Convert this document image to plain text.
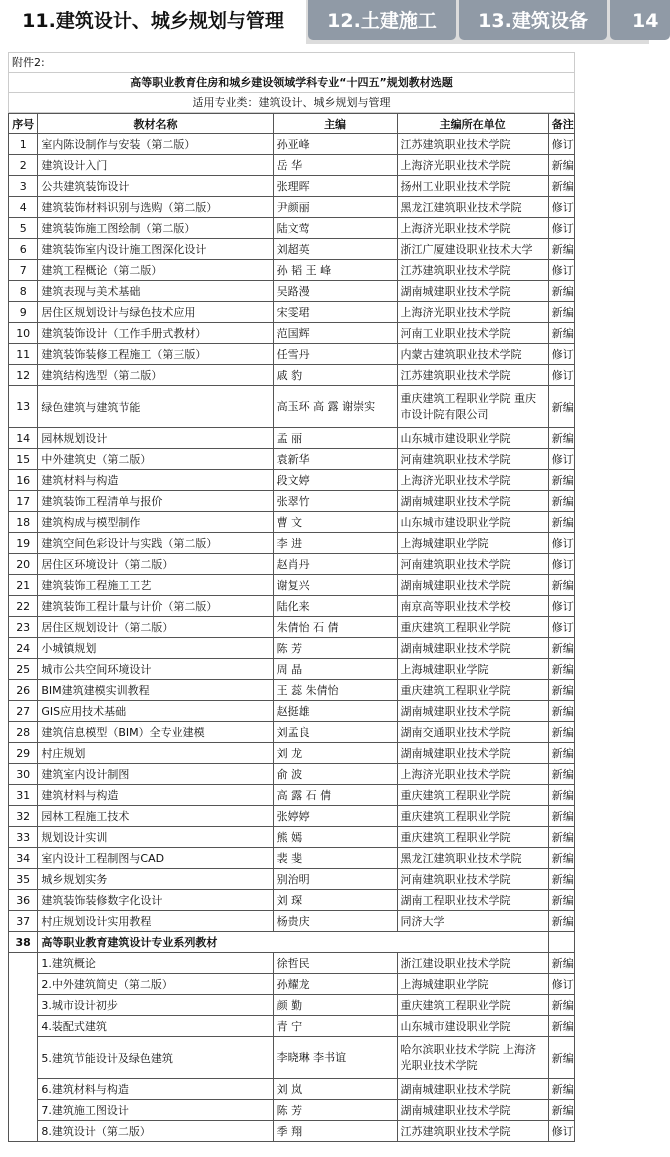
11.建筑设计、城乡规划与管理	12.土建施工	13.建筑设备	14
附件2:
高等职业教育住房和城乡建设领域学科专业“十四五”规划教材选题
适用专业类：建筑设计、城乡规划与管理
序号	教材名称	主编	主编所在单位	备注
1	室内陈设制作与安装（第二版）	孙亚峰	江苏建筑职业技术学院	修订
2	建筑设计入门	岳 华	上海济光职业技术学院	新编
3	公共建筑装饰设计	张理晖	扬州工业职业技术学院	新编
4	建筑装饰材料识别与选购（第二版）	尹颜丽	黑龙江建筑职业技术学院	修订
5	建筑装饰施工图绘制（第二版）	陆文莺	上海济光职业技术学院	修订
6	建筑装饰室内设计施工图深化设计	刘超英	浙江广厦建设职业技术大学	新编
7	建筑工程概论（第二版）	孙 韬 王 峰	江苏建筑职业技术学院	修订
8	建筑表现与美术基础	吴路漫	湖南城建职业技术学院	新编
9	居住区规划设计与绿色技术应用	宋雯珺	上海济光职业技术学院	新编
10	建筑装饰设计（工作手册式教材）	范国辉	河南工业职业技术学院	新编
11	建筑装饰装修工程施工（第三版）	任雪丹	内蒙古建筑职业技术学院	修订
12	建筑结构选型（第二版）	戚 豹	江苏建筑职业技术学院	修订
13	绿色建筑与建筑节能	高玉环 高 露 谢崇实	重庆建筑工程职业学院 重庆市设计院有限公司	新编
14	园林规划设计	孟 丽	山东城市建设职业学院	新编
15	中外建筑史（第二版）	袁新华	河南建筑职业技术学院	修订
16	建筑材料与构造	段文婷	上海济光职业技术学院	新编
17	建筑装饰工程清单与报价	张翠竹	湖南城建职业技术学院	新编
18	建筑构成与模型制作	曹 文	山东城市建设职业学院	新编
19	建筑空间色彩设计与实践（第二版）	李 进	上海城建职业学院	修订
20	居住区环境设计（第二版）	赵肖丹	河南建筑职业技术学院	修订
21	建筑装饰工程施工工艺	谢复兴	湖南城建职业技术学院	新编
22	建筑装饰工程计量与计价（第二版）	陆化来	南京高等职业技术学校	修订
23	居住区规划设计（第二版）	朱倩怡 石 倩	重庆建筑工程职业学院	修订
24	小城镇规划	陈 芳	湖南城建职业技术学院	新编
25	城市公共空间环境设计	周 晶	上海城建职业学院	新编
26	BIM建筑建模实训教程	王 蕊 朱倩怡	重庆建筑工程职业学院	新编
27	GIS应用技术基础	赵挺雄	湖南城建职业技术学院	新编
28	建筑信息模型（BIM）全专业建模	刘孟良	湖南交通职业技术学院	新编
29	村庄规划	刘 龙	湖南城建职业技术学院	新编
30	建筑室内设计制图	俞 波	上海济光职业技术学院	新编
31	建筑材料与构造	高 露 石 倩	重庆建筑工程职业学院	新编
32	园林工程施工技术	张婷婷	重庆建筑工程职业学院	新编
33	规划设计实训	熊 嫣	重庆建筑工程职业学院	新编
34	室内设计工程制图与CAD	裴 斐	黑龙江建筑职业技术学院	新编
35	城乡规划实务	别治明	河南建筑职业技术学院	新编
36	建筑装饰装修数字化设计	刘 琛	湖南工程职业技术学院	新编
37	村庄规划设计实用教程	杨贵庆	同济大学	新编
38	高等职业教育建筑设计专业系列教材			
	1.建筑概论	徐哲民	浙江建设职业技术学院	新编
	2.中外建筑简史（第二版）	孙耀龙	上海城建职业学院	修订
	3.城市设计初步	颜 勤	重庆建筑工程职业学院	新编
	4.装配式建筑	青 宁	山东城市建设职业学院	新编
	5.建筑节能设计及绿色建筑	李晓琳 李书谊	哈尔滨职业技术学院 上海济光职业技术学院	新编
	6.建筑材料与构造	刘 岚	湖南城建职业技术学院	新编
	7.建筑施工图设计	陈 芳	湖南城建职业技术学院	新编
	8.建筑设计（第二版）	季 翔	江苏建筑职业技术学院	修订
